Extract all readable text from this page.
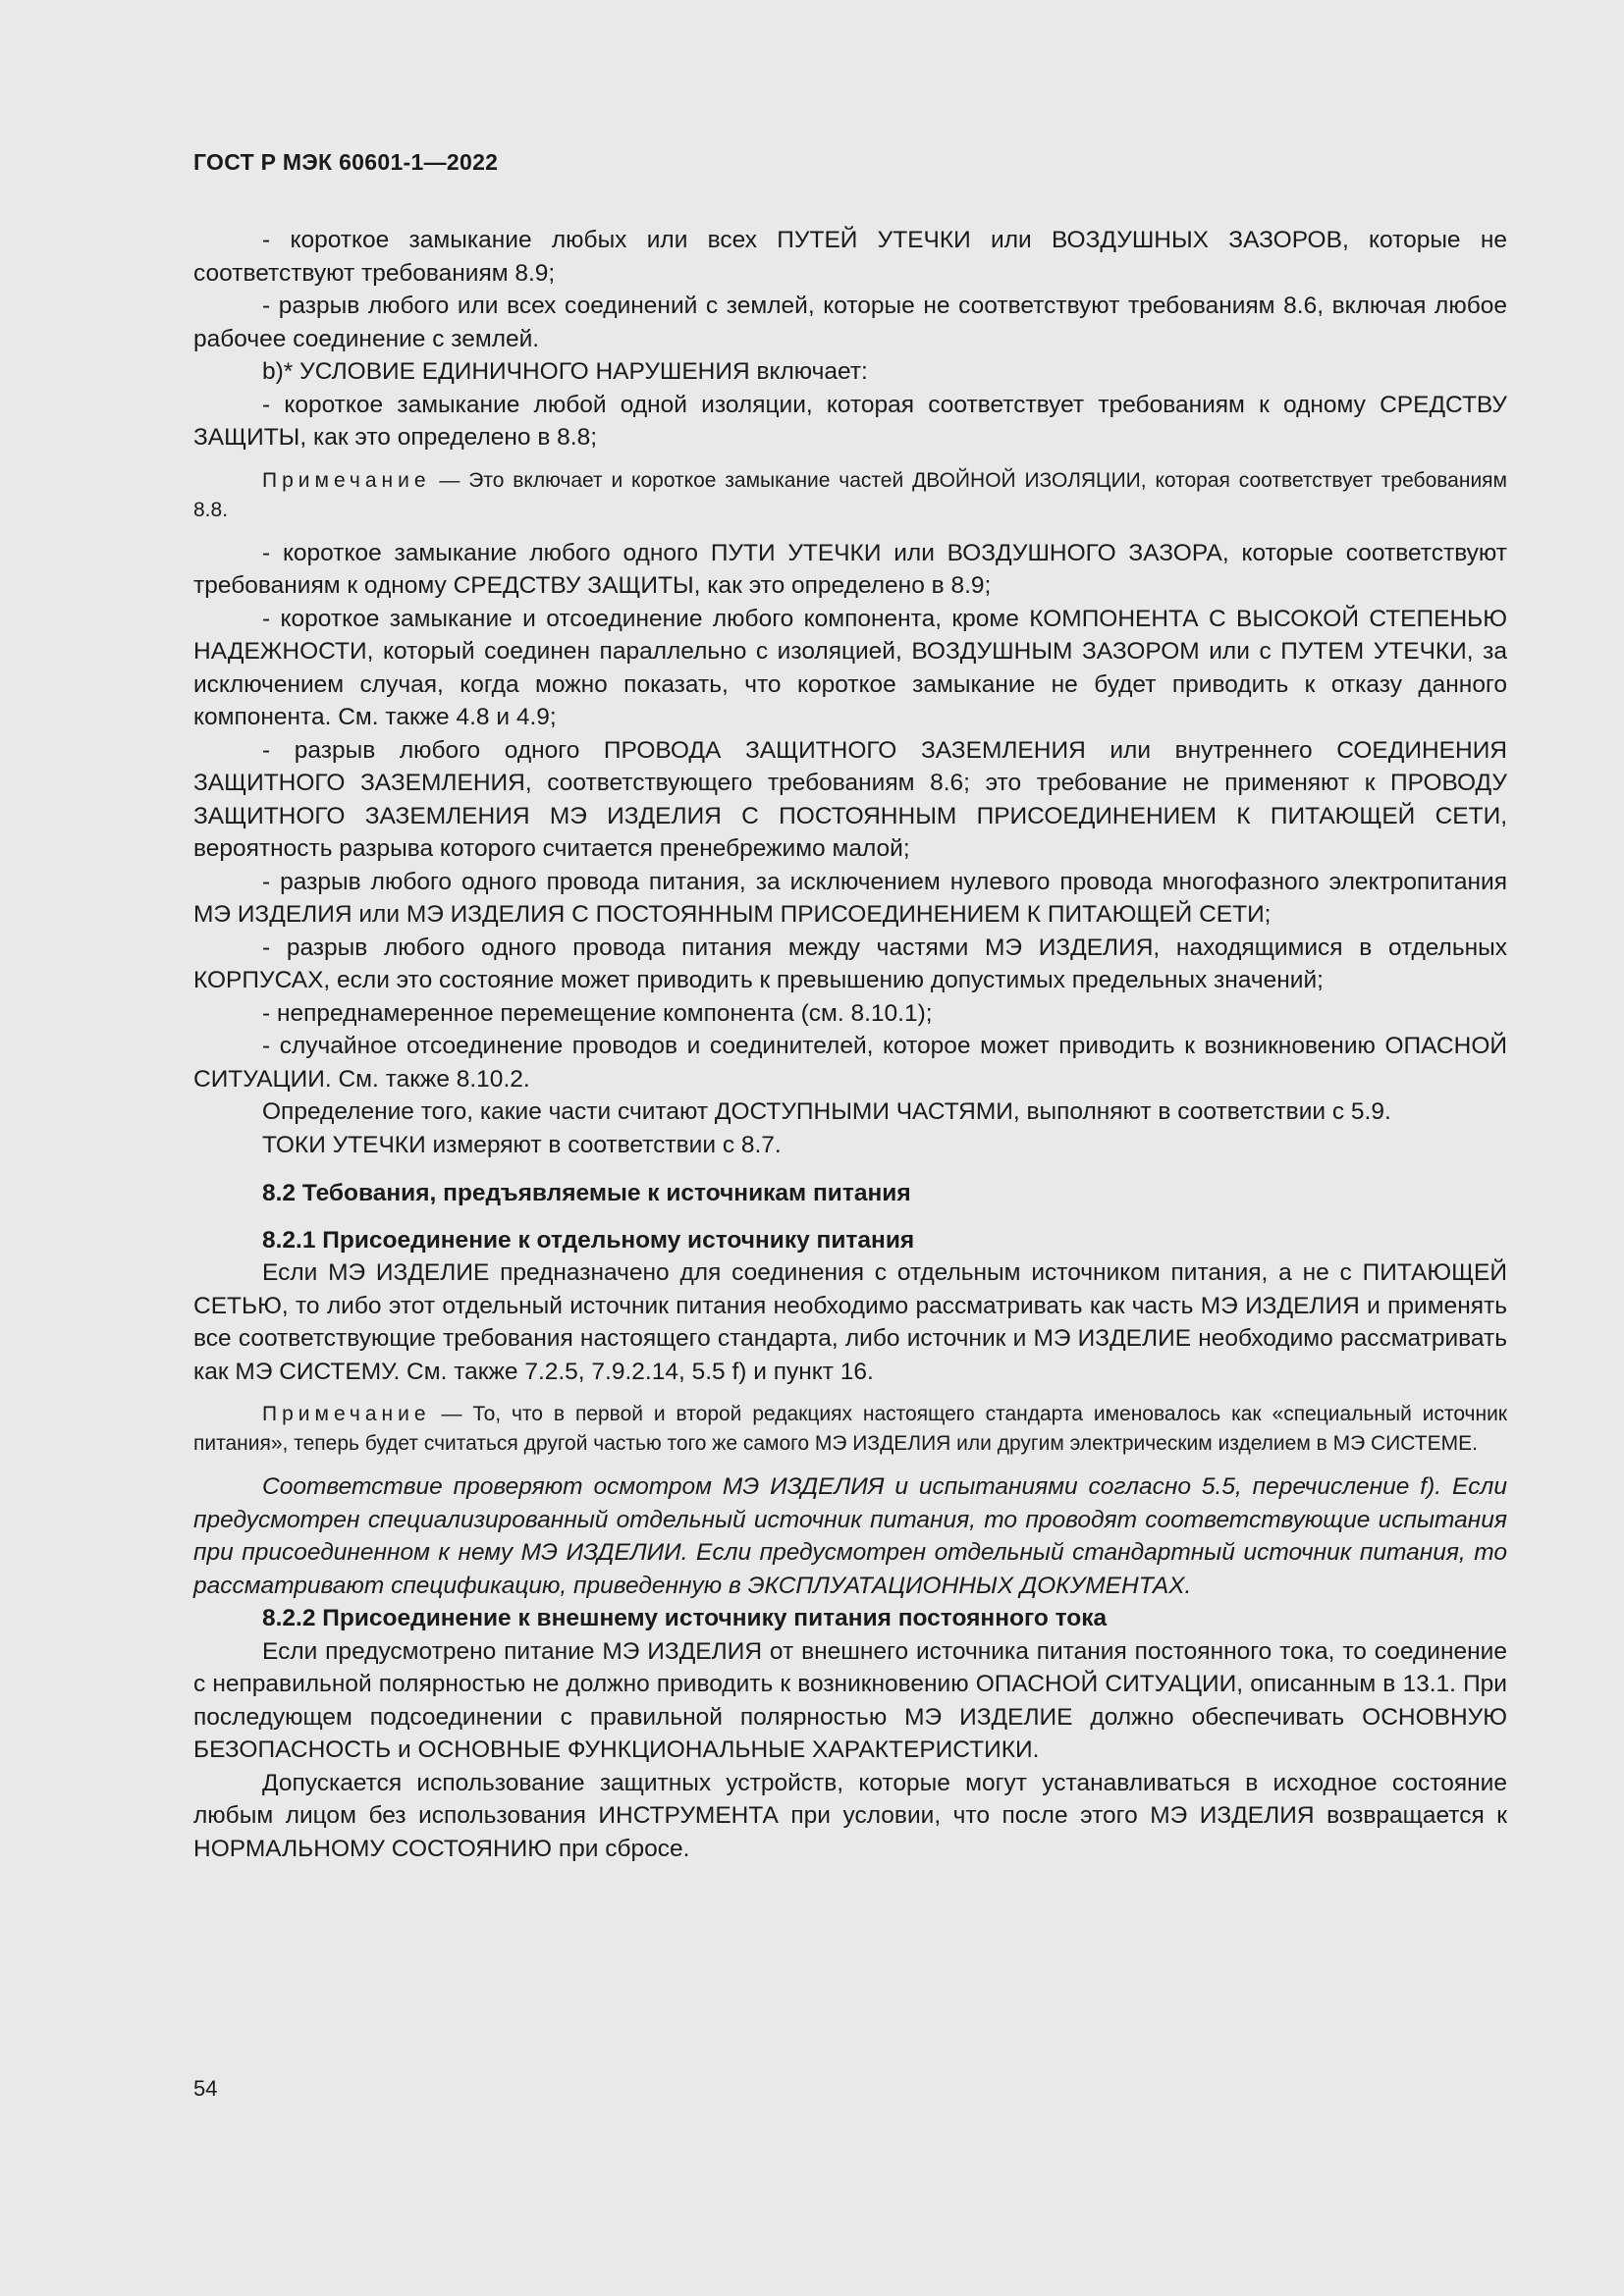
ГОСТ Р МЭК 60601-1—2022

- короткое замыкание любых или всех ПУТЕЙ УТЕЧКИ или ВОЗДУШНЫХ ЗАЗОРОВ, которые не соответствуют требованиям 8.9;

- разрыв любого или всех соединений с землей, которые не соответствуют требованиям 8.6, включая любое рабочее соединение с землей.

b)* УСЛОВИЕ ЕДИНИЧНОГО НАРУШЕНИЯ включает:

- короткое замыкание любой одной изоляции, которая соответствует требованиям к одному СРЕДСТВУ ЗАЩИТЫ, как это определено в 8.8;

Примечание — Это включает и короткое замыкание частей ДВОЙНОЙ ИЗОЛЯЦИИ, которая соответствует требованиям 8.8.

- короткое замыкание любого одного ПУТИ УТЕЧКИ или ВОЗДУШНОГО ЗАЗОРА, которые соответствуют требованиям к одному СРЕДСТВУ ЗАЩИТЫ, как это определено в 8.9;

- короткое замыкание и отсоединение любого компонента, кроме КОМПОНЕНТА С ВЫСОКОЙ СТЕПЕНЬЮ НАДЕЖНОСТИ, который соединен параллельно с изоляцией, ВОЗДУШНЫМ ЗАЗОРОМ или с ПУТЕМ УТЕЧКИ, за исключением случая, когда можно показать, что короткое замыкание не будет приводить к отказу данного компонента. См. также 4.8 и 4.9;

- разрыв любого одного ПРОВОДА ЗАЩИТНОГО ЗАЗЕМЛЕНИЯ или внутреннего СОЕДИНЕНИЯ ЗАЩИТНОГО ЗАЗЕМЛЕНИЯ, соответствующего требованиям 8.6; это требование не применяют к ПРОВОДУ ЗАЩИТНОГО ЗАЗЕМЛЕНИЯ МЭ ИЗДЕЛИЯ С ПОСТОЯННЫМ ПРИСОЕДИНЕНИЕМ К ПИТАЮЩЕЙ СЕТИ, вероятность разрыва которого считается пренебрежимо малой;

- разрыв любого одного провода питания, за исключением нулевого провода многофазного электропитания МЭ ИЗДЕЛИЯ или МЭ ИЗДЕЛИЯ С ПОСТОЯННЫМ ПРИСОЕДИНЕНИЕМ К ПИТАЮЩЕЙ СЕТИ;

- разрыв любого одного провода питания между частями МЭ ИЗДЕЛИЯ, находящимися в отдельных КОРПУСАХ, если это состояние может приводить к превышению допустимых предельных значений;

- непреднамеренное перемещение компонента (см. 8.10.1);

- случайное отсоединение проводов и соединителей, которое может приводить к возникновению ОПАСНОЙ СИТУАЦИИ. См. также 8.10.2.

Определение того, какие части считают ДОСТУПНЫМИ ЧАСТЯМИ, выполняют в соответствии с 5.9.

ТОКИ УТЕЧКИ измеряют в соответствии с 8.7.

8.2 Тебования, предъявляемые к источникам питания

8.2.1 Присоединение к отдельному источнику питания

Если МЭ ИЗДЕЛИЕ предназначено для соединения с отдельным источником питания, а не с ПИТАЮЩЕЙ СЕТЬЮ, то либо этот отдельный источник питания необходимо рассматривать как часть МЭ ИЗДЕЛИЯ и применять все соответствующие требования настоящего стандарта, либо источник и МЭ ИЗДЕЛИЕ необходимо рассматривать как МЭ СИСТЕМУ. См. также 7.2.5, 7.9.2.14, 5.5 f) и пункт 16.

Примечание — То, что в первой и второй редакциях настоящего стандарта именовалось как «специальный источник питания», теперь будет считаться другой частью того же самого МЭ ИЗДЕЛИЯ или другим электрическим изделием в МЭ СИСТЕМЕ.

Соответствие проверяют осмотром МЭ ИЗДЕЛИЯ и испытаниями согласно 5.5, перечисление f). Если предусмотрен специализированный отдельный источник питания, то проводят соответствующие испытания при присоединенном к нему МЭ ИЗДЕЛИИ. Если предусмотрен отдельный стандартный источник питания, то рассматривают спецификацию, приведенную в ЭКСПЛУАТАЦИОННЫХ ДОКУМЕНТАХ.

8.2.2 Присоединение к внешнему источнику питания постоянного тока

Если предусмотрено питание МЭ ИЗДЕЛИЯ от внешнего источника питания постоянного тока, то соединение с неправильной полярностью не должно приводить к возникновению ОПАСНОЙ СИТУАЦИИ, описанным в 13.1. При последующем подсоединении с правильной полярностью МЭ ИЗДЕЛИЕ должно обеспечивать ОСНОВНУЮ БЕЗОПАСНОСТЬ и ОСНОВНЫЕ ФУНКЦИОНАЛЬНЫЕ ХАРАКТЕРИСТИКИ.

Допускается использование защитных устройств, которые могут устанавливаться в исходное состояние любым лицом без использования ИНСТРУМЕНТА при условии, что после этого МЭ ИЗДЕЛИЯ возвращается к НОРМАЛЬНОМУ СОСТОЯНИЮ при сбросе.

54
